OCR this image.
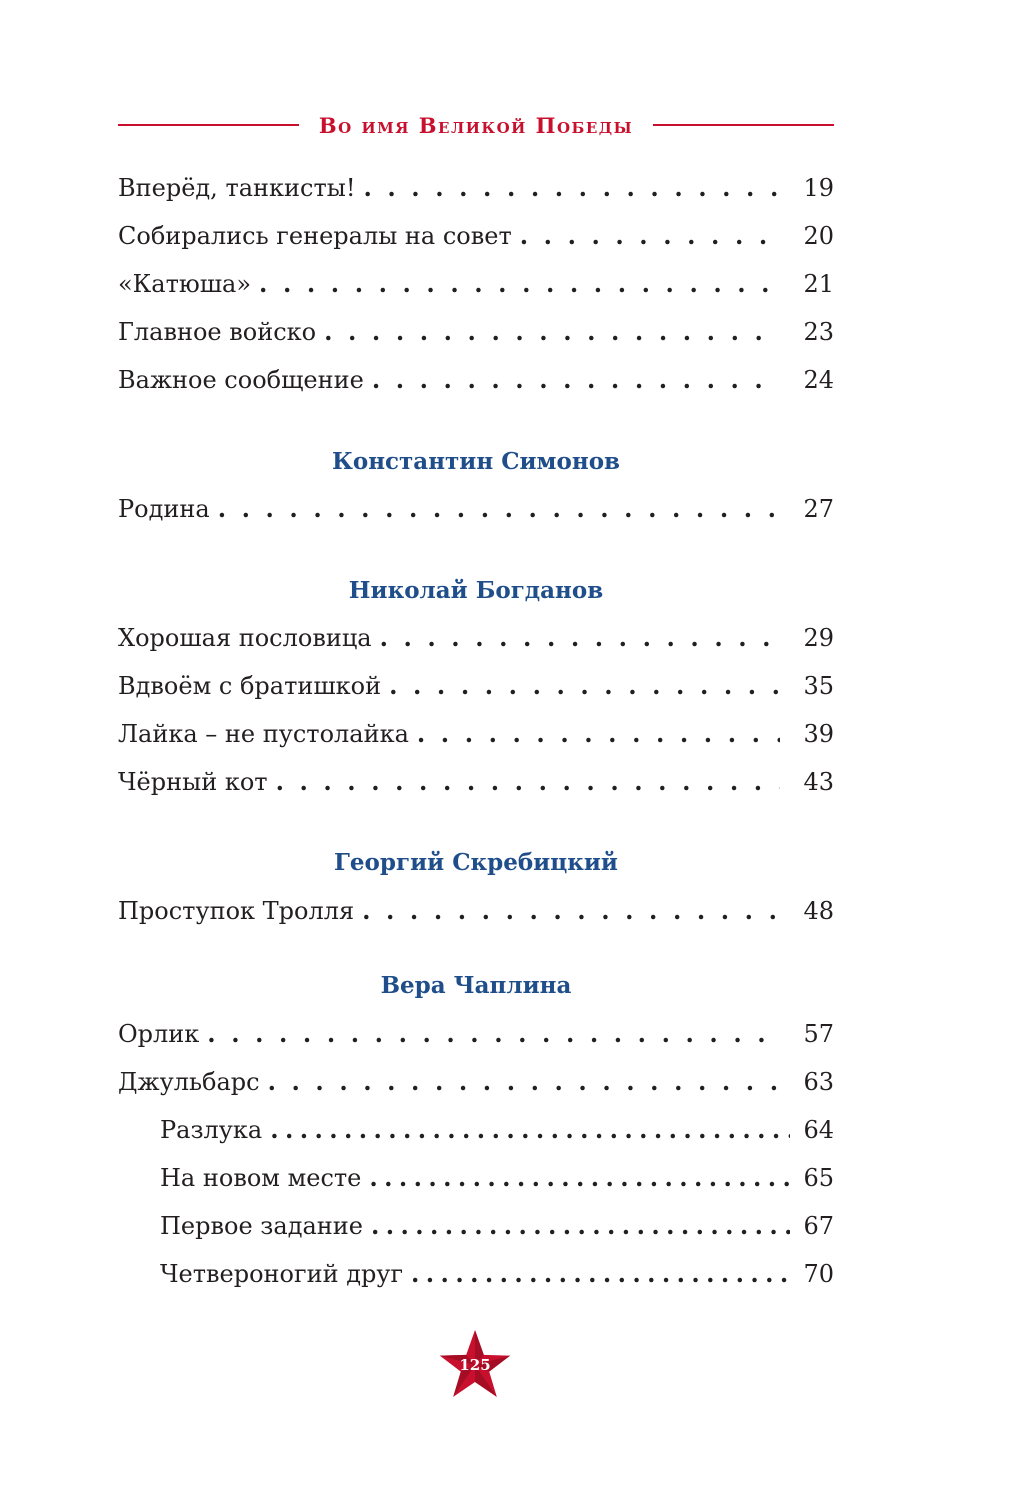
Во имя Великой Победы
Вперёд, танкисты! . . .	19
Собирались генералы на совет . . .	20
«Катюша» . . .	21
Главное войско . . .	23
Важное сообщение . . .	24
Константин Симонов
Родина . . .	27
Николай Богданов
Хорошая пословица . . .	29
Вдвоём с братишкой . . .	35
Лайка – не пустолайка . . .	39
Чёрный кот . . .	43
Георгий Скребицкий
Проступок Тролля . . .	48
Вера Чаплина
Орлик . . .	57
Джульбарс . . .	63
Разлука .....	64
На новом месте .....	65
Первое задание .....	67
Четвероногий друг .....	70
125
